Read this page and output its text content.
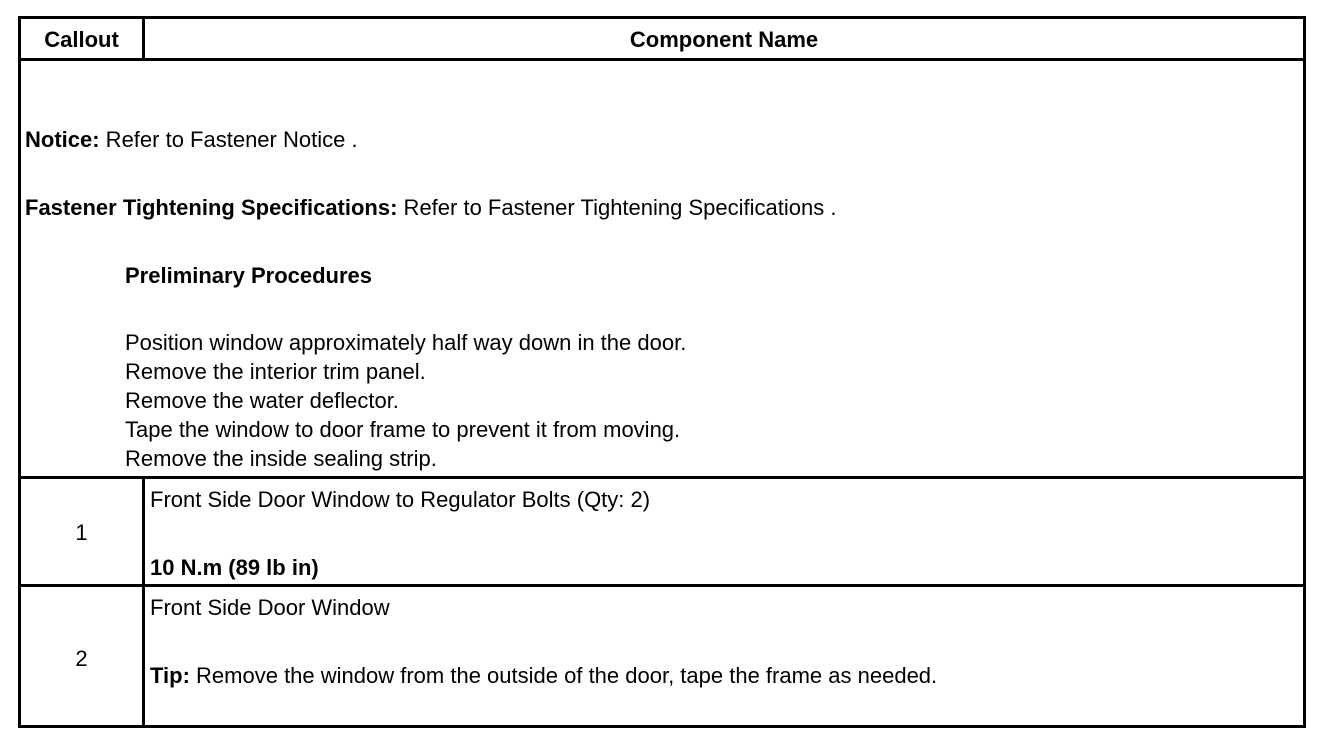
Callout	Component Name
Notice: Refer to Fastener Notice .
Fastener Tightening Specifications: Refer to Fastener Tightening Specifications .
Preliminary Procedures
Position window approximately half way down in the door.
Remove the interior trim panel.
Remove the water deflector.
Tape the window to door frame to prevent it from moving.
Remove the inside sealing strip.
1
Front Side Door Window to Regulator Bolts (Qty: 2)
10 N.m (89 lb in)
2
Front Side Door Window
Tip: Remove the window from the outside of the door, tape the frame as needed.
